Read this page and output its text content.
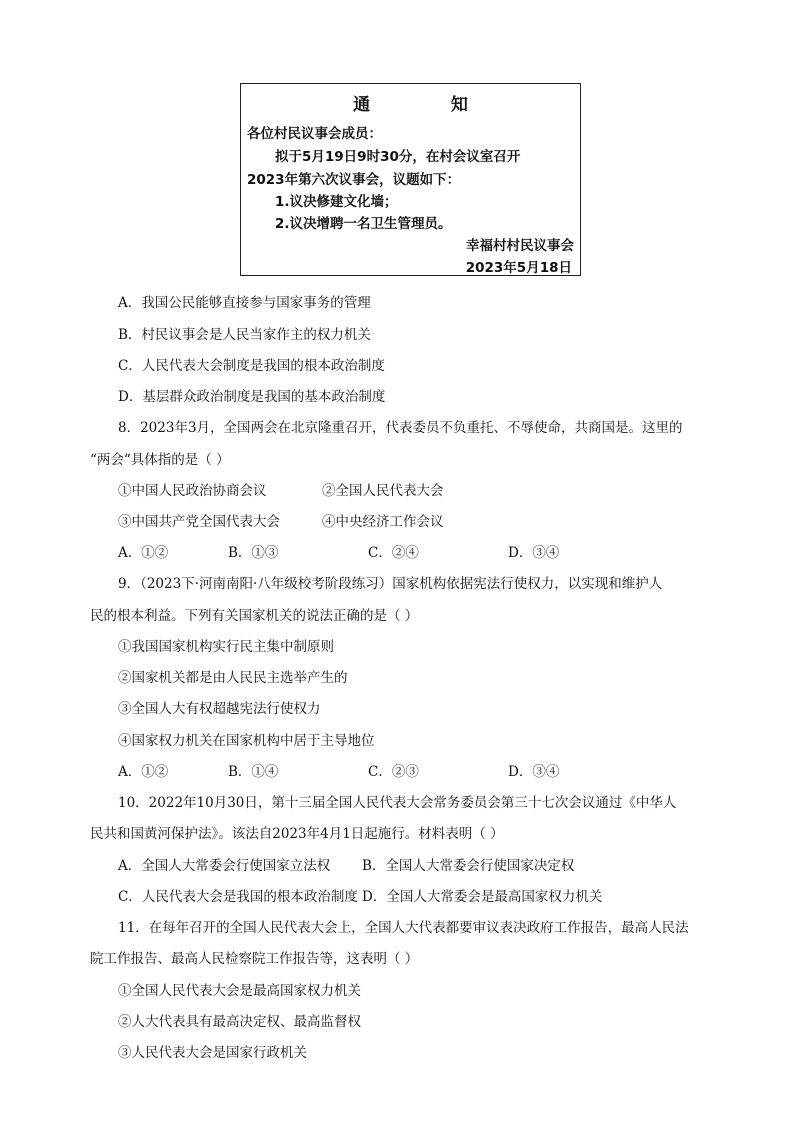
通 知
各位村民议事会成员：
拟于5月19日9时30分，在村会议室召开
2023年第六次议事会，议题如下：
1.议决修建文化墙；
2.议决增聘一名卫生管理员。
幸福村村民议事会
2023年5月18日
A．我国公民能够直接参与国家事务的管理
B．村民议事会是人民当家作主的权力机关
C．人民代表大会制度是我国的根本政治制度
D．基层群众政治制度是我国的基本政治制度
8．2023年3月，全国两会在北京隆重召开，代表委员不负重托、不辱使命，共商国是。这里的
“两会“具体指的是（ ）
①中国人民政治协商会议	②全国人民代表大会
③中国共产党全国代表大会	④中央经济工作会议
A．①②	B．①③	C．②④	D．③④
9．（2023下·河南南阳·八年级校考阶段练习）国家机构依据宪法行使权力，以实现和维护人
民的根本利益。下列有关国家机关的说法正确的是（ ）
①我国国家机构实行民主集中制原则
②国家机关都是由人民民主选举产生的
③全国人大有权超越宪法行使权力
④国家权力机关在国家机构中居于主导地位
A．①②	B．①④	C．②③	D．③④
10．2022年10月30日，第十三届全国人民代表大会常务委员会第三十七次会议通过《中华人
民共和国黄河保护法》。该法自2023年4月1日起施行。材料表明（ ）
A．全国人大常委会行使国家立法权 B．全国人大常委会行使国家决定权
C．人民代表大会是我国的根本政治制度 D．全国人大常委会是最高国家权力机关
11．在每年召开的全国人民代表大会上，全国人大代表都要审议表决政府工作报告，最高人民法
院工作报告、最高人民检察院工作报告等，这表明（ ）
①全国人民代表大会是最高国家权力机关
②人大代表具有最高决定权、最高监督权
③人民代表大会是国家行政机关
